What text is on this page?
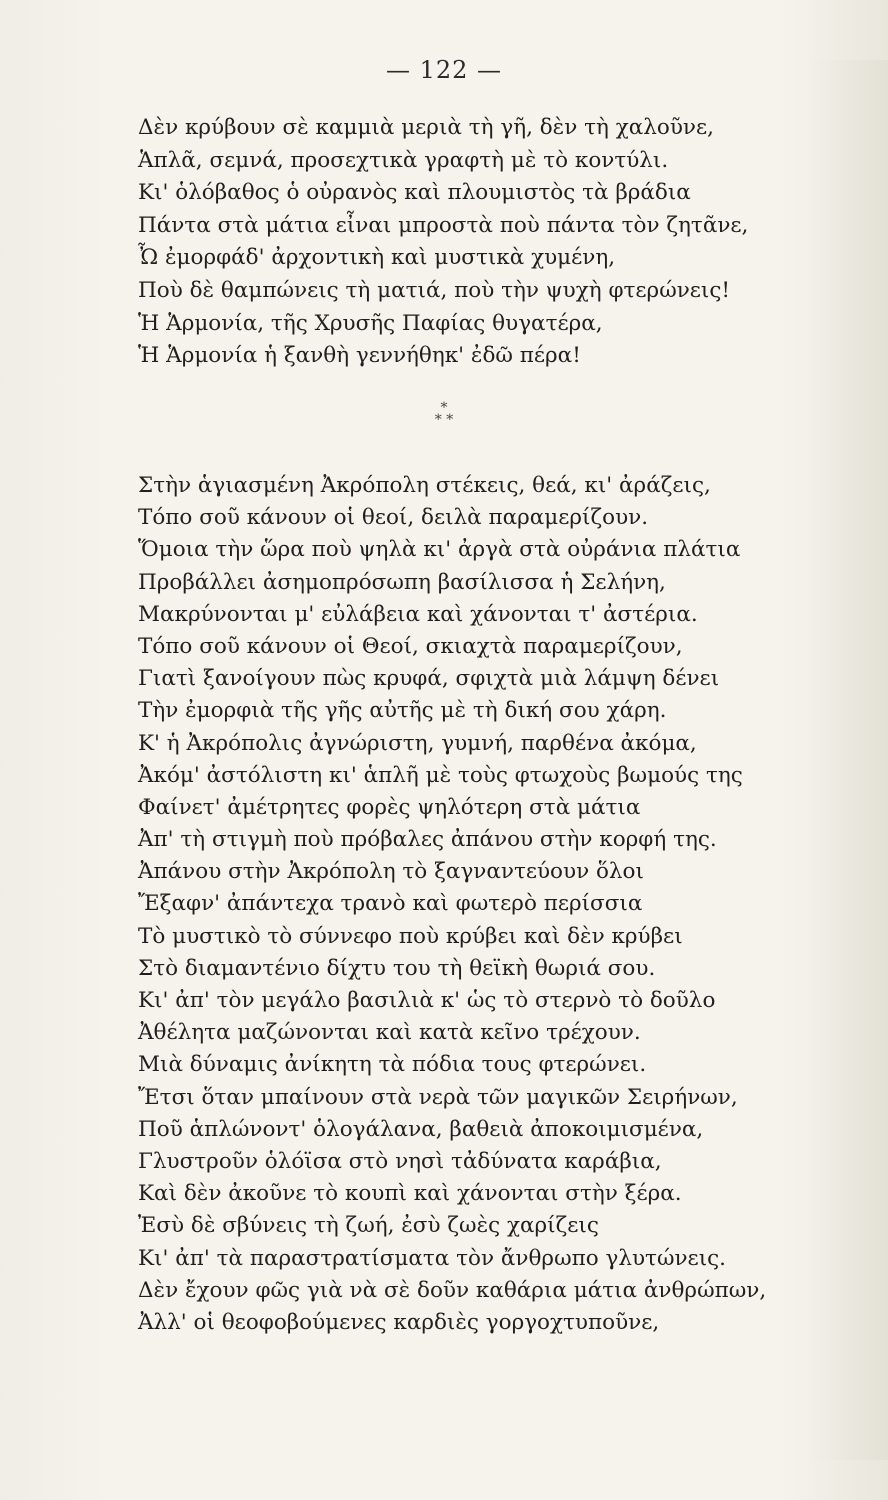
— 122 —
Δὲν κρύβουν σὲ καμμιὰ μεριὰ τὴ γῆ, δὲν τὴ χαλοῦνε,
Ἁπλᾶ, σεμνά, προσεχτικὰ γραφτὴ μὲ τὸ κοντύλι.
Κι' ὁλόβαθος ὁ οὐρανὸς καὶ πλουμιστὸς τὰ βράδια
Πάντα στὰ μάτια εἶναι μπροστὰ ποὺ πάντα τὸν ζητᾶνε,
Ὦ ἐμορφάδ' ἀρχοντικὴ καὶ μυστικὰ χυμένη,
Ποὺ δὲ θαμπώνεις τὴ ματιά, ποὺ τὴν ψυχὴ φτερώνεις!
Ἡ Ἁρμονία, τῆς Χρυσῆς Παφίας θυγατέρα,
Ἡ Ἁρμονία ἡ ξανθὴ γεννήθηκ' ἐδῶ πέρα!
*
* *
Στὴν ἁγιασμένη Ἀκρόπολη στέκεις, θεά, κι' ἀράζεις,
Τόπο σοῦ κάνουν οἱ θεοί, δειλὰ παραμερίζουν.
Ὅμοια τὴν ὥρα ποὺ ψηλὰ κι' ἀργὰ στὰ οὐράνια πλάτια
Προβάλλει ἀσημοπρόσωπη βασίλισσα ἡ Σελήνη,
Μακρύνονται μ' εὐλάβεια καὶ χάνονται τ' ἀστέρια.
Τόπο σοῦ κάνουν οἱ Θεοί, σκιαχτὰ παραμερίζουν,
Γιατὶ ξανοίγουν πὼς κρυφά, σφιχτὰ μιὰ λάμψη δένει
Τὴν ἐμορφιὰ τῆς γῆς αὐτῆς μὲ τὴ δική σου χάρη.
Κ' ἡ Ἀκρόπολις ἀγνώριστη, γυμνή, παρθένα ἀκόμα,
Ἀκόμ' ἀστόλιστη κι' ἁπλῆ μὲ τοὺς φτωχοὺς βωμούς της
Φαίνετ' ἀμέτρητες φορὲς ψηλότερη στὰ μάτια
Ἀπ' τὴ στιγμὴ ποὺ πρόβαλες ἀπάνου στὴν κορφή της.
Ἀπάνου στὴν Ἀκρόπολη τὸ ξαγναντεύουν ὅλοι
Ἔξαφν' ἀπάντεχα τρανὸ καὶ φωτερὸ περίσσια
Τὸ μυστικὸ τὸ σύννεφο ποὺ κρύβει καὶ δὲν κρύβει
Στὸ διαμαντένιο δίχτυ του τὴ θεϊκὴ θωριά σου.
Κι' ἀπ' τὸν μεγάλο βασιλιὰ κ' ὡς τὸ στερνὸ τὸ δοῦλο
Ἀθέλητα μαζώνονται καὶ κατὰ κεῖνο τρέχουν.
Μιὰ δύναμις ἀνίκητη τὰ πόδια τους φτερώνει.
Ἔτσι ὅταν μπαίνουν στὰ νερὰ τῶν μαγικῶν Σειρήνων,
Ποῦ ἁπλώνοντ' ὁλογάλανα, βαθειὰ ἀποκοιμισμένα,
Γλυστροῦν ὁλόϊσα στὸ νησὶ τἀδύνατα καράβια,
Καὶ δὲν ἀκοῦνε τὸ κουπὶ καὶ χάνονται στὴν ξέρα.
Ἐσὺ δὲ σβύνεις τὴ ζωή, ἐσὺ ζωὲς χαρίζεις
Κι' ἀπ' τὰ παραστρατίσματα τὸν ἄνθρωπο γλυτώνεις.
Δὲν ἔχουν φῶς γιὰ νὰ σὲ δοῦν καθάρια μάτια ἀνθρώπων,
Ἀλλ' οἱ θεοφοβούμενες καρδιὲς γοργοχτυποῦνε,
